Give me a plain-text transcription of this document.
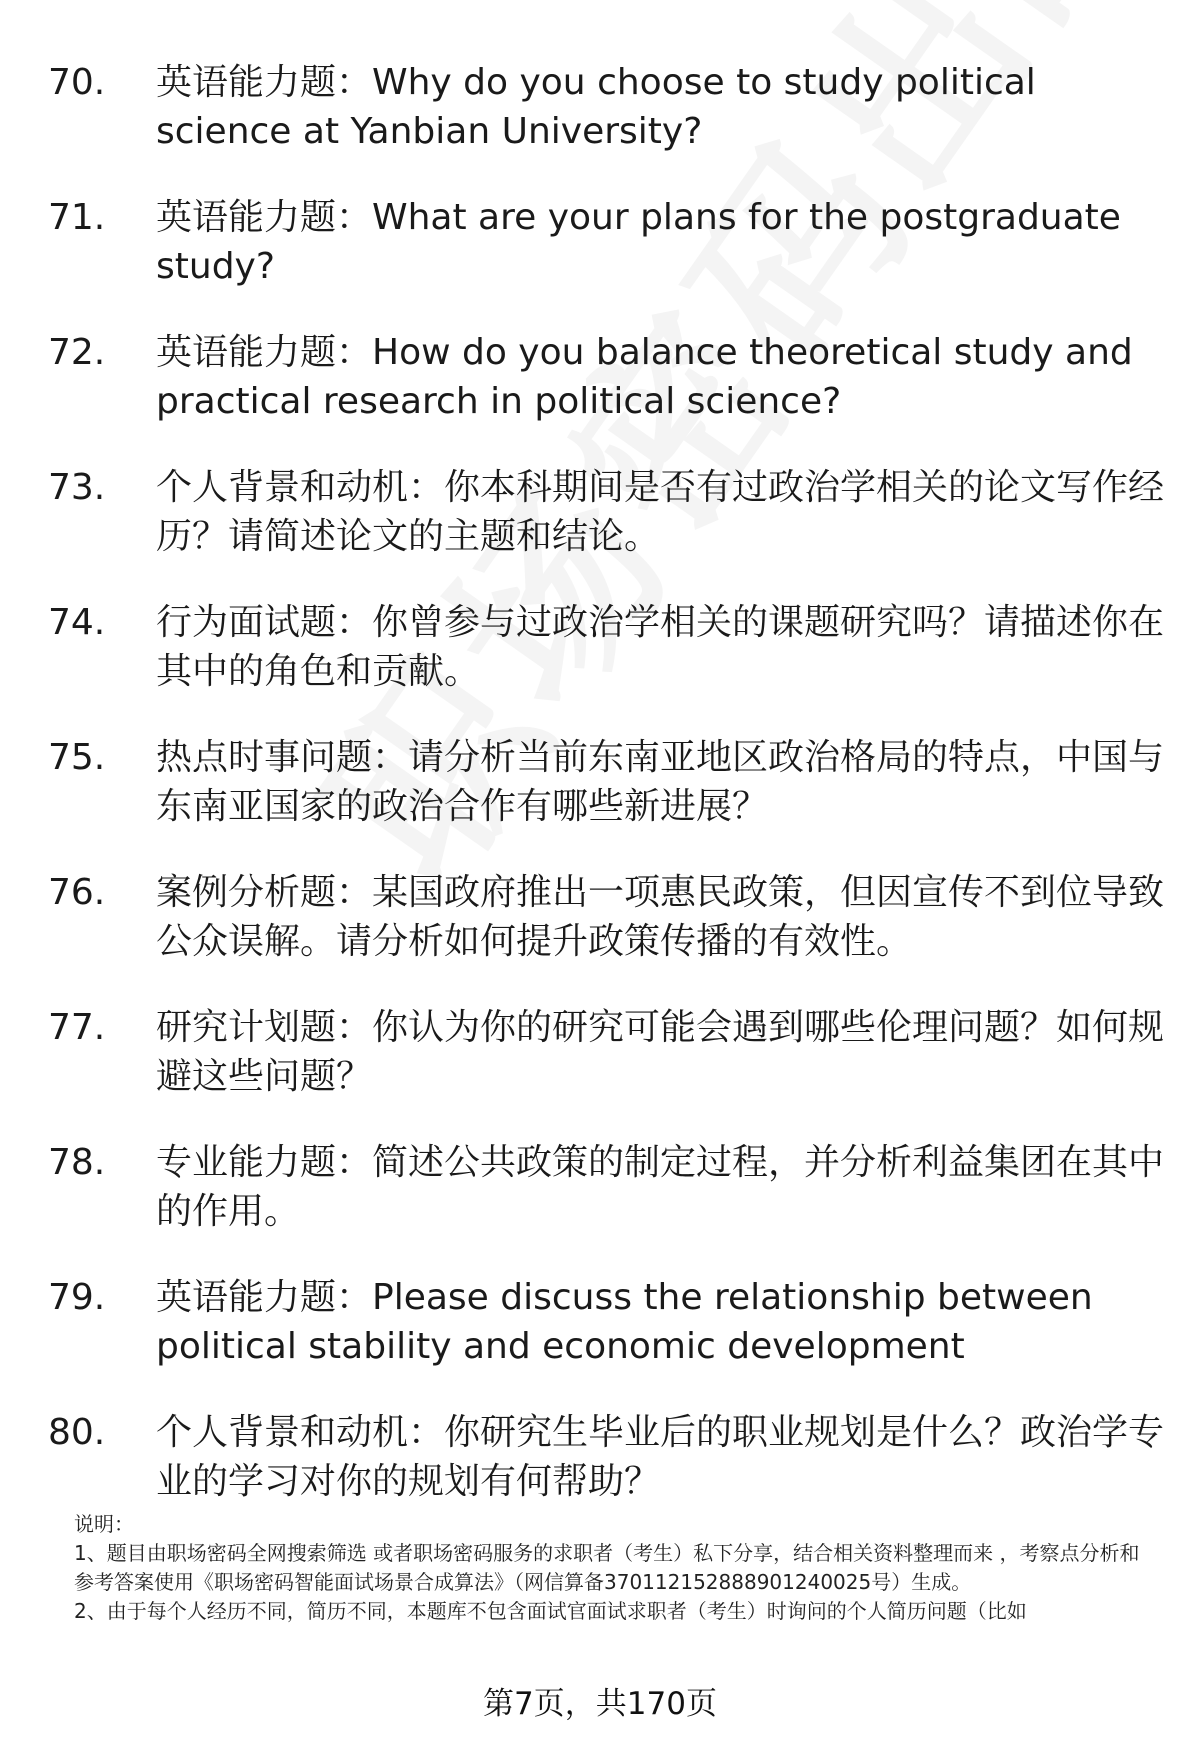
70.	英语能力题：Why do you choose to study political science at Yanbian University?
71.	英语能力题：What are your plans for the postgraduate study?
72.	英语能力题：How do you balance theoretical study and practical research in political science?
73.	个人背景和动机：你本科期间是否有过政治学相关的论文写作经历？请简述论文的主题和结论。
74.	行为面试题：你曾参与过政治学相关的课题研究吗？请描述你在其中的角色和贡献。
75.	热点时事问题：请分析当前东南亚地区政治格局的特点，中国与东南亚国家的政治合作有哪些新进展？
76.	案例分析题：某国政府推出一项惠民政策，但因宣传不到位导致公众误解。请分析如何提升政策传播的有效性。
77.	研究计划题：你认为你的研究可能会遇到哪些伦理问题？如何规避这些问题？
78.	专业能力题：简述公共政策的制定过程，并分析利益集团在其中的作用。
79.	英语能力题：Please discuss the relationship between political stability and economic development
80.	个人背景和动机：你研究生毕业后的职业规划是什么？政治学专业的学习对你的规划有何帮助？

说明：

1、题目由职场密码全网搜索筛选 或者职场密码服务的求职者（考生）私下分享，结合相关资料整理而来 ，考察点分析和参考答案使用《职场密码智能面试场景合成算法》（网信算备370112152888901240025号）生成。

2、由于每个人经历不同，简历不同，本题库不包含面试官面试求职者（考生）时询问的个人简历问题（比如

第7页，共170页
